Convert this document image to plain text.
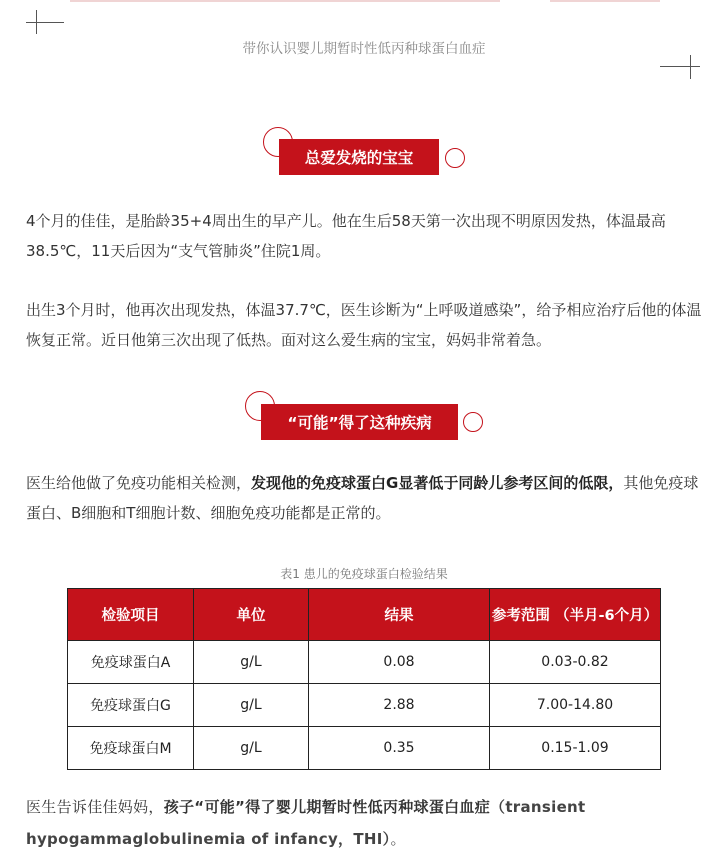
带你认识婴儿期暂时性低丙种球蛋白血症
总爱发烧的宝宝

4个月的佳佳，是胎龄35+4周出生的早产儿。他在生后58天第一次出现不明原因发热，体温最高38.5℃，11天后因为“支气管肺炎”住院1周。

出生3个月时，他再次出现发热，体温37.7℃，医生诊断为“上呼吸道感染”，给予相应治疗后他的体温恢复正常。近日他第三次出现了低热。面对这么爱生病的宝宝，妈妈非常着急。

“可能”得了这种疾病

医生给他做了免疫功能相关检测，发现他的免疫球蛋白G显著低于同龄儿参考区间的低限，其他免疫球蛋白、B细胞和T细胞计数、细胞免疫功能都是正常的。

表1 患儿的免疫球蛋白检验结果
检验项目	单位	结果	参考范围 （半月-6个月）
免疫球蛋白A	g/L	0.08	0.03-0.82
免疫球蛋白G	g/L	2.88	7.00-14.80
免疫球蛋白M	g/L	0.35	0.15-1.09
医生告诉佳佳妈妈，孩子“可能”得了婴儿期暂时性低丙种球蛋白血症（transient hypogammaglobulinemia of infancy，THI）。
